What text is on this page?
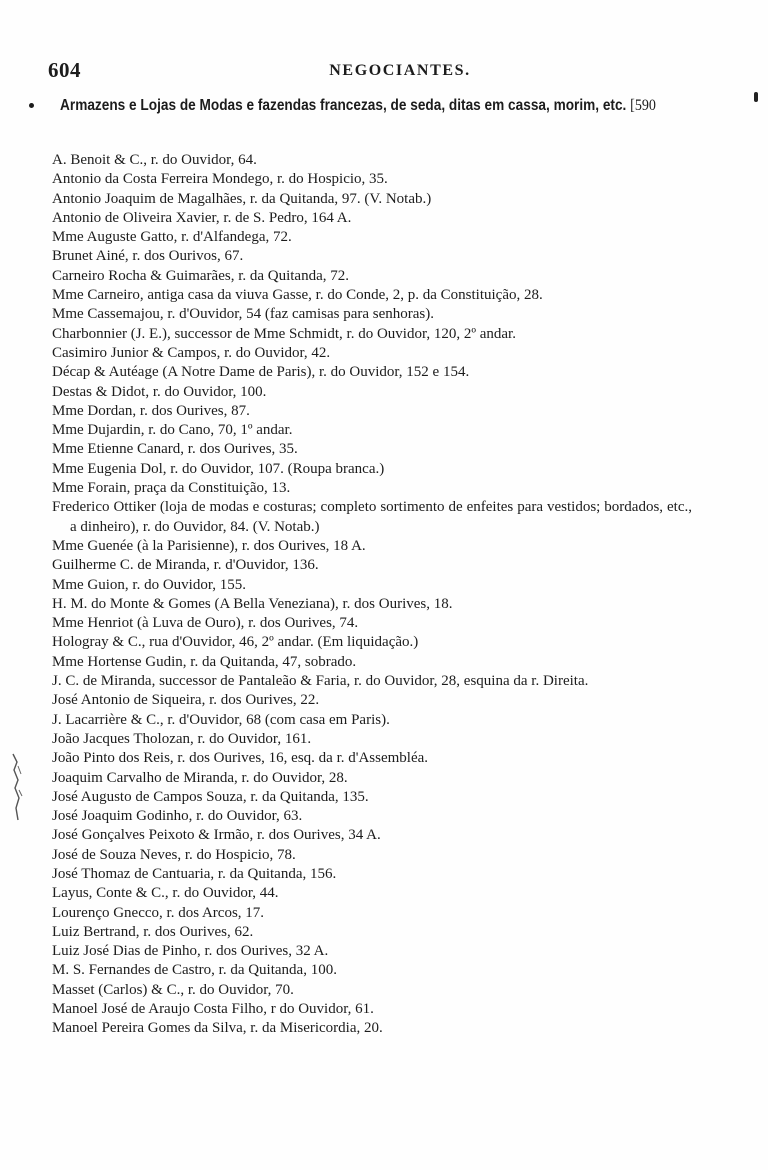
604	NEGOCIANTES.
Armazens e Lojas de Modas e fazendas francezas, de seda, ditas em cassa, morim, etc. [590
A. Benoit & C., r. do Ouvidor, 64.
Antonio da Costa Ferreira Mondego, r. do Hospicio, 35.
Antonio Joaquim de Magalhães, r. da Quitanda, 97. (V. Notab.)
Antonio de Oliveira Xavier, r. de S. Pedro, 164 A.
Mme Auguste Gatto, r. d'Alfandega, 72.
Brunet Ainé, r. dos Ourivos, 67.
Carneiro Rocha & Guimarães, r. da Quitanda, 72.
Mme Carneiro, antiga casa da viuva Gasse, r. do Conde, 2, p. da Constituição, 28.
Mme Cassemajou, r. d'Ouvidor, 54 (faz camisas para senhoras).
Charbonnier (J. E.), successor de Mme Schmidt, r. do Ouvidor, 120, 2º andar.
Casimiro Junior & Campos, r. do Ouvidor, 42.
Décap & Autéage (A Notre Dame de Paris), r. do Ouvidor, 152 e 154.
Destas & Didot, r. do Ouvidor, 100.
Mme Dordan, r. dos Ourives, 87.
Mme Dujardin, r. do Cano, 70, 1º andar.
Mme Etienne Canard, r. dos Ourives, 35.
Mme Eugenia Dol, r. do Ouvidor, 107. (Roupa branca.)
Mme Forain, praça da Constituição, 13.
Frederico Ottiker (loja de modas e costuras; completo sortimento de enfeites para vestidos; bordados, etc., a dinheiro), r. do Ouvidor, 84. (V. Notab.)
Mme Guenée (à la Parisienne), r. dos Ourives, 18 A.
Guilherme C. de Miranda, r. d'Ouvidor, 136.
Mme Guion, r. do Ouvidor, 155.
H. M. do Monte & Gomes (A Bella Veneziana), r. dos Ourives, 18.
Mme Henriot (à Luva de Ouro), r. dos Ourives, 74.
Hologray & C., rua d'Ouvidor, 46, 2º andar. (Em liquidação.)
Mme Hortense Gudin, r. da Quitanda, 47, sobrado.
J. C. de Miranda, successor de Pantaleão & Faria, r. do Ouvidor, 28, esquina da r. Direita.
José Antonio de Siqueira, r. dos Ourives, 22.
J. Lacarrière & C., r. d'Ouvidor, 68 (com casa em Paris).
João Jacques Tholozan, r. do Ouvidor, 161.
João Pinto dos Reis, r. dos Ourives, 16, esq. da r. d'Assembléa.
Joaquim Carvalho de Miranda, r. do Ouvidor, 28.
José Augusto de Campos Souza, r. da Quitanda, 135.
José Joaquim Godinho, r. do Ouvidor, 63.
José Gonçalves Peixoto & Irmão, r. dos Ourives, 34 A.
José de Souza Neves, r. do Hospicio, 78.
José Thomaz de Cantuaria, r. da Quitanda, 156.
Layus, Conte & C., r. do Ouvidor, 44.
Lourenço Gnecco, r. dos Arcos, 17.
Luiz Bertrand, r. dos Ourives, 62.
Luiz José Dias de Pinho, r. dos Ourives, 32 A.
M. S. Fernandes de Castro, r. da Quitanda, 100.
Masset (Carlos) & C., r. do Ouvidor, 70.
Manoel José de Araujo Costa Filho, r do Ouvidor, 61.
Manoel Pereira Gomes da Silva, r. da Misericordia, 20.
